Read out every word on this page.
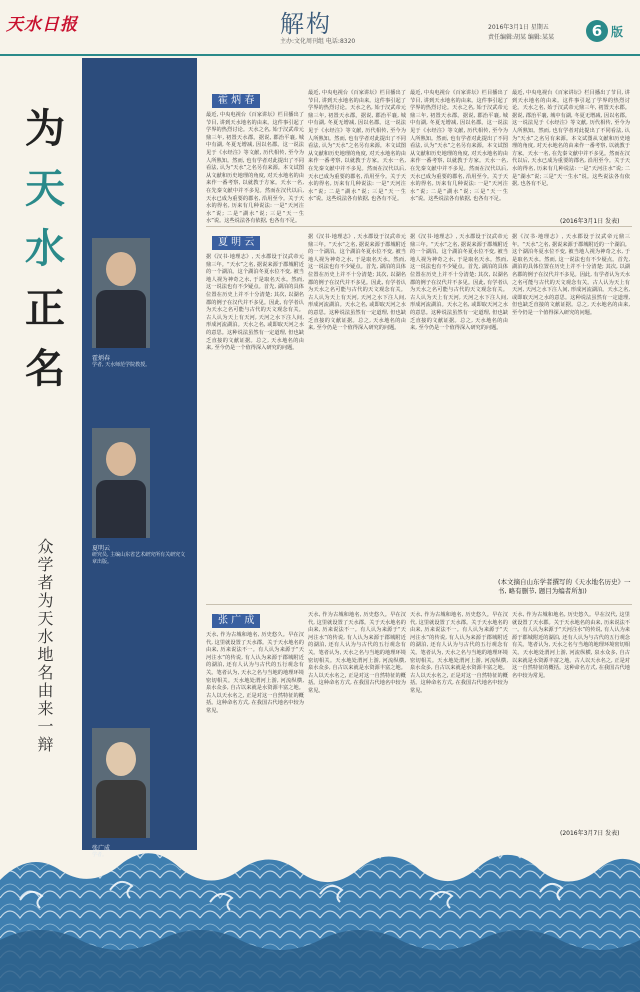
天水日报	解构
主办:文化周刊组 电话:8320
2016年3月1日 星期五
责任编辑:胡某 编辑:某某	6 版
为
天
水
正
名
众学者为天水地名由来一辩
霍炳春
学者, 天水师范学院教授。
夏明云
研究员, 主编山东省艺术研究所有关研究文章出版。
张广成
学者。
霍 炳 春
最近, 中央电视台《百家讲坛》栏目播出了节目, 讲到天水地名的由来。这件事引起了学界的热烈讨论。天水之名, 始于汉武帝元鼎三年, 初置天水郡。据说, 郡治平襄, 城中有湖, 冬夏无增减, 因以名郡。这一说法见于《水经注》等文献, 历代相传, 至今为人所熟知。然而, 也有学者对此提出了不同看法, 认为“天水”之名另有来源。本文试图从文献和历史地理的角度, 对天水地名的由来作一番考察, 以就教于方家。天水一名, 在先秦文献中并不多见。然而在汉代以后, 天水已成为重要的郡名, 沿用至今。关于天水的得名, 历来有几种说法: 一是“天河注水”说; 二是“湖水”说; 三是“天一生水”说。这些说法各有依据, 也各有不足。
最近, 中央电视台《百家讲坛》栏目播出了节目, 讲到天水地名的由来。这件事引起了学界的热烈讨论。天水之名, 始于汉武帝元鼎三年, 初置天水郡。据说, 郡治平襄, 城中有湖, 冬夏无增减, 因以名郡。这一说法见于《水经注》等文献, 历代相传, 至今为人所熟知。然而, 也有学者对此提出了不同看法, 认为“天水”之名另有来源。本文试图从文献和历史地理的角度, 对天水地名的由来作一番考察, 以就教于方家。天水一名, 在先秦文献中并不多见。然而在汉代以后, 天水已成为重要的郡名, 沿用至今。关于天水的得名, 历来有几种说法: 一是“天河注水”说; 二是“湖水”说; 三是“天一生水”说。这些说法各有依据, 也各有不足。
最近, 中央电视台《百家讲坛》栏目播出了节目, 讲到天水地名的由来。这件事引起了学界的热烈讨论。天水之名, 始于汉武帝元鼎三年, 初置天水郡。据说, 郡治平襄, 城中有湖, 冬夏无增减, 因以名郡。这一说法见于《水经注》等文献, 历代相传, 至今为人所熟知。然而, 也有学者对此提出了不同看法, 认为“天水”之名另有来源。本文试图从文献和历史地理的角度, 对天水地名的由来作一番考察, 以就教于方家。天水一名, 在先秦文献中并不多见。然而在汉代以后, 天水已成为重要的郡名, 沿用至今。关于天水的得名, 历来有几种说法: 一是“天河注水”说; 二是“湖水”说; 三是“天一生水”说。这些说法各有依据, 也各有不足。
最近, 中央电视台《百家讲坛》栏目播出了节目, 讲到天水地名的由来。这件事引起了学界的热烈讨论。天水之名, 始于汉武帝元鼎三年, 初置天水郡。据说, 郡治平襄, 城中有湖, 冬夏无增减, 因以名郡。这一说法见于《水经注》等文献, 历代相传, 至今为人所熟知。然而, 也有学者对此提出了不同看法, 认为“天水”之名另有来源。本文试图从文献和历史地理的角度, 对天水地名的由来作一番考察, 以就教于方家。天水一名, 在先秦文献中并不多见。然而在汉代以后, 天水已成为重要的郡名, 沿用至今。关于天水的得名, 历来有几种说法: 一是“天河注水”说; 二是“湖水”说; 三是“天一生水”说。这些说法各有依据, 也各有不足。
(2016年3月1日 发表)
夏 明 云
据《汉书·地理志》, 天水郡设于汉武帝元鼎三年。“天水”之名, 据说来源于郡城附近的一个湖泊。这个湖泊冬夏水位不变, 被当地人视为神奇之水, 于是取名天水。然而, 这一说法也有不少疑点。首先, 湖泊的具体位置在历史上并不十分清楚; 其次, 以湖名郡的例子在汉代并不多见。因此, 有学者认为天水之名可能与古代的天文观念有关。古人认为天上有天河, 天河之水下注人间, 形成河流湖泊。天水之名, 或即取天河之水的意思。这种说法虽然有一定道理, 但也缺乏直接的文献证据。总之, 天水地名的由来, 至今仍是一个值得深入研究的问题。
据《汉书·地理志》, 天水郡设于汉武帝元鼎三年。“天水”之名, 据说来源于郡城附近的一个湖泊。这个湖泊冬夏水位不变, 被当地人视为神奇之水, 于是取名天水。然而, 这一说法也有不少疑点。首先, 湖泊的具体位置在历史上并不十分清楚; 其次, 以湖名郡的例子在汉代并不多见。因此, 有学者认为天水之名可能与古代的天文观念有关。古人认为天上有天河, 天河之水下注人间, 形成河流湖泊。天水之名, 或即取天河之水的意思。这种说法虽然有一定道理, 但也缺乏直接的文献证据。总之, 天水地名的由来, 至今仍是一个值得深入研究的问题。
据《汉书·地理志》, 天水郡设于汉武帝元鼎三年。“天水”之名, 据说来源于郡城附近的一个湖泊。这个湖泊冬夏水位不变, 被当地人视为神奇之水, 于是取名天水。然而, 这一说法也有不少疑点。首先, 湖泊的具体位置在历史上并不十分清楚; 其次, 以湖名郡的例子在汉代并不多见。因此, 有学者认为天水之名可能与古代的天文观念有关。古人认为天上有天河, 天河之水下注人间, 形成河流湖泊。天水之名, 或即取天河之水的意思。这种说法虽然有一定道理, 但也缺乏直接的文献证据。总之, 天水地名的由来, 至今仍是一个值得深入研究的问题。
据《汉书·地理志》, 天水郡设于汉武帝元鼎三年。“天水”之名, 据说来源于郡城附近的一个湖泊。这个湖泊冬夏水位不变, 被当地人视为神奇之水, 于是取名天水。然而, 这一说法也有不少疑点。首先, 湖泊的具体位置在历史上并不十分清楚; 其次, 以湖名郡的例子在汉代并不多见。因此, 有学者认为天水之名可能与古代的天文观念有关。古人认为天上有天河, 天河之水下注人间, 形成河流湖泊。天水之名, 或即取天河之水的意思。这种说法虽然有一定道理, 但也缺乏直接的文献证据。总之, 天水地名的由来, 至今仍是一个值得深入研究的问题。
(本文摘自山东学者撰写的《天水地名历史》一书, 略有删节, 题目为编者所加)
张 广 成
天水, 作为古城和地名, 历史悠久。早在汉代, 这里就设置了天水郡。关于天水地名的由来, 历来说法不一。有人认为来源于“天河注水”的传说, 有人认为来源于郡城附近的湖泊, 还有人认为与古代的五行观念有关。笔者认为, 天水之名与当地的地理环境密切相关。天水地处渭河上游, 河流纵横, 泉水众多, 自古以来就是水资源丰富之地。古人以天水名之, 正是对这一自然特征的概括。这种命名方式, 在我国古代地名中较为常见。
天水, 作为古城和地名, 历史悠久。早在汉代, 这里就设置了天水郡。关于天水地名的由来, 历来说法不一。有人认为来源于“天河注水”的传说, 有人认为来源于郡城附近的湖泊, 还有人认为与古代的五行观念有关。笔者认为, 天水之名与当地的地理环境密切相关。天水地处渭河上游, 河流纵横, 泉水众多, 自古以来就是水资源丰富之地。古人以天水名之, 正是对这一自然特征的概括。这种命名方式, 在我国古代地名中较为常见。
天水, 作为古城和地名, 历史悠久。早在汉代, 这里就设置了天水郡。关于天水地名的由来, 历来说法不一。有人认为来源于“天河注水”的传说, 有人认为来源于郡城附近的湖泊, 还有人认为与古代的五行观念有关。笔者认为, 天水之名与当地的地理环境密切相关。天水地处渭河上游, 河流纵横, 泉水众多, 自古以来就是水资源丰富之地。古人以天水名之, 正是对这一自然特征的概括。这种命名方式, 在我国古代地名中较为常见。
天水, 作为古城和地名, 历史悠久。早在汉代, 这里就设置了天水郡。关于天水地名的由来, 历来说法不一。有人认为来源于“天河注水”的传说, 有人认为来源于郡城附近的湖泊, 还有人认为与古代的五行观念有关。笔者认为, 天水之名与当地的地理环境密切相关。天水地处渭河上游, 河流纵横, 泉水众多, 自古以来就是水资源丰富之地。古人以天水名之, 正是对这一自然特征的概括。这种命名方式, 在我国古代地名中较为常见。
(2016年3月7日 发表)
